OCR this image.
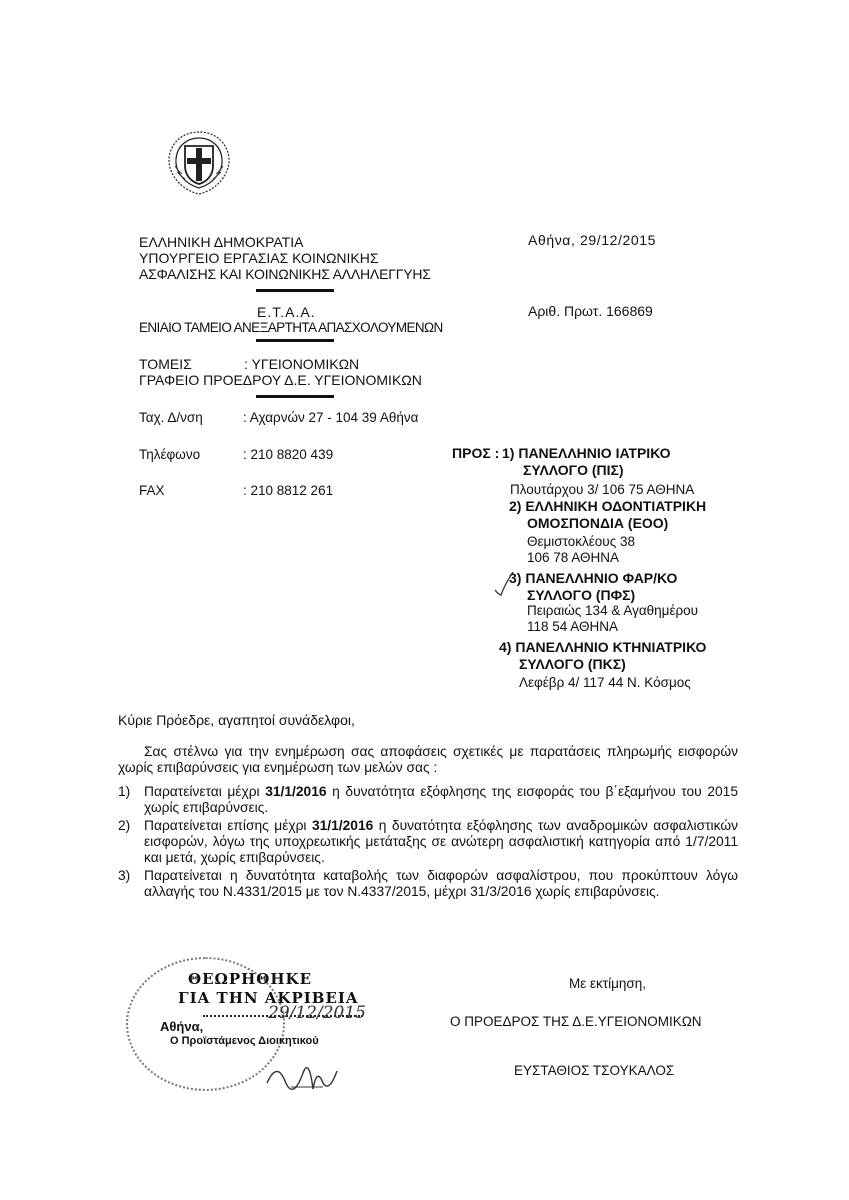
ΕΛΛΗΝΙΚΗ ΔΗΜΟΚΡΑΤΙΑ
ΥΠΟΥΡΓΕΙΟ ΕΡΓΑΣΙΑΣ ΚΟΙΝΩΝΙΚΗΣ
ΑΣΦΑΛΙΣΗΣ ΚΑΙ ΚΟΙΝΩΝΙΚΗΣ ΑΛΛΗΛΕΓΓΥΗΣ
Ε.Τ.Α.Α.
ΕΝΙΑΙΟ ΤΑΜΕΙΟ ΑΝΕΞΑΡΤΗΤΑ ΑΠΑΣΧΟΛΟΥΜΕΝΩΝ
ΤΟΜΕΙΣ	: ΥΓΕΙΟΝΟΜΙΚΩΝ
ΓΡΑΦΕΙΟ ΠΡΟΕΔΡΟΥ Δ.Ε. ΥΓΕΙΟΝΟΜΙΚΩΝ
Αθήνα, 29/12/2015
Αριθ. Πρωτ. 166869
Ταχ. Δ/νση	: Αχαρνών 27 - 104 39 Αθήνα
Τηλέφωνο	: 210 8820 439
FAX	: 210 8812 261
ΠΡΟΣ : 1) ΠΑΝΕΛΛΗΝΙΟ ΙΑΤΡΙΚΟ
ΣΥΛΛΟΓΟ (ΠΙΣ)
Πλουτάρχου 3/ 106 75 ΑΘΗΝΑ
2) ΕΛΛΗΝΙΚΗ ΟΔΟΝΤΙΑΤΡΙΚΗ
ΟΜΟΣΠΟΝΔΙΑ (ΕΟΟ)
Θεμιστοκλέους 38
106 78 ΑΘΗΝΑ
3) ΠΑΝΕΛΛΗΝΙΟ ΦΑΡ/ΚΟ
ΣΥΛΛΟΓΟ (ΠΦΣ)
Πειραιώς 134 & Αγαθημέρου
118 54 ΑΘΗΝΑ
4) ΠΑΝΕΛΛΗΝΙΟ ΚΤΗΝΙΑΤΡΙΚΟ
ΣΥΛΛΟΓΟ (ΠΚΣ)
Λεφέβρ 4/ 117 44 Ν. Κόσμος
Κύριε Πρόεδρε, αγαπητοί συνάδελφοι,
Σας στέλνω για την ενημέρωση σας αποφάσεις σχετικές με παρατάσεις πληρωμής εισφορών χωρίς επιβαρύνσεις για ενημέρωση των μελών σας :
1) Παρατείνεται μέχρι 31/1/2016 η δυνατότητα εξόφλησης της εισφοράς του β΄εξαμήνου του 2015 χωρίς επιβαρύνσεις.
2) Παρατείνεται επίσης μέχρι 31/1/2016 η δυνατότητα εξόφλησης των αναδρομικών ασφαλιστικών εισφορών, λόγω της υποχρεωτικής μετάταξης σε ανώτερη ασφαλιστική κατηγορία από 1/7/2011 και μετά, χωρίς επιβαρύνσεις.
3) Παρατείνεται η δυνατότητα καταβολής των διαφορών ασφαλίστρου, που προκύπτουν λόγω αλλαγής του Ν.4331/2015 με τον Ν.4337/2015, μέχρι 31/3/2016 χωρίς επιβαρύνσεις.
ΘΕΩΡΗΘΗΚΕ
ΓΙΑ ΤΗΝ ΑΚΡΙΒΕΙΑ
Αθήνα,
29/12/2015
Ο Προϊστάμενος Διοικητικού
Με εκτίμηση,
Ο ΠΡΟΕΔΡΟΣ ΤΗΣ Δ.Ε.ΥΓΕΙΟΝΟΜΙΚΩΝ
ΕΥΣΤΑΘΙΟΣ ΤΣΟΥΚΑΛΟΣ
